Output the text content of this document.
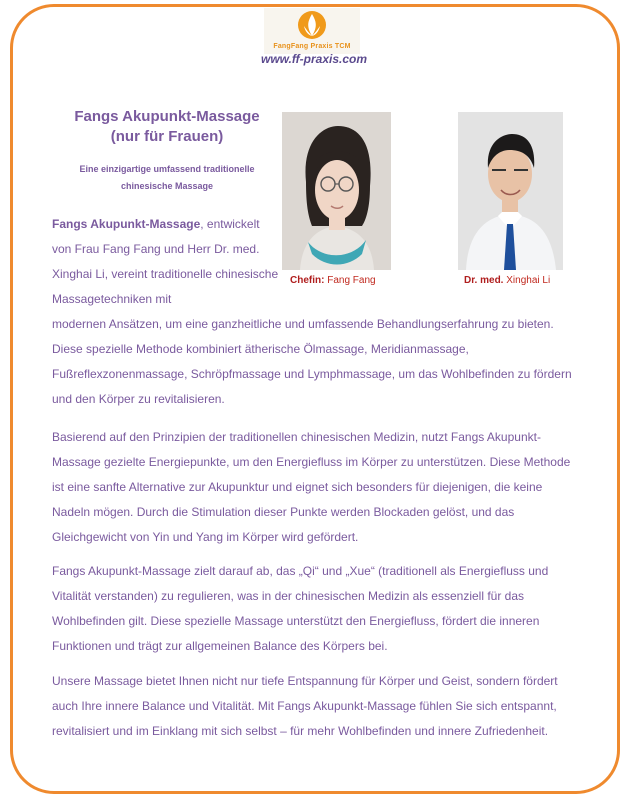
FangFang Praxis TCM
www.ff-praxis.com
Fangs Akupunkt-Massage
(nur für Frauen)
Eine einzigartige umfassend traditionelle
chinesische Massage
Chefin: Fang Fang	Dr. med. Xinghai Li
Fangs Akupunkt-Massage, entwickelt von Frau Fang Fang und Herr Dr. med. Xinghai Li, vereint traditionelle chinesische Massagetechniken mit
modernen Ansätzen, um eine ganzheitliche und umfassende Behandlungserfahrung zu bieten. Diese spezielle Methode kombiniert ätherische Ölmassage, Meridianmassage, Fußreflexzonenmassage, Schröpfmassage und Lymphmassage, um das Wohlbefinden zu fördern und den Körper zu revitalisieren.
Basierend auf den Prinzipien der traditionellen chinesischen Medizin, nutzt Fangs Akupunkt-Massage gezielte Energiepunkte, um den Energiefluss im Körper zu unterstützen. Diese Methode ist eine sanfte Alternative zur Akupunktur und eignet sich besonders für diejenigen, die keine Nadeln mögen. Durch die Stimulation dieser Punkte werden Blockaden gelöst, und das Gleichgewicht von Yin und Yang im Körper wird gefördert.
Fangs Akupunkt-Massage zielt darauf ab, das „Qi“ und „Xue“ (traditionell als Energiefluss und Vitalität verstanden) zu regulieren, was in der chinesischen Medizin als essenziell für das Wohlbefinden gilt. Diese spezielle Massage unterstützt den Energiefluss, fördert die inneren Funktionen und trägt zur allgemeinen Balance des Körpers bei.
Unsere Massage bietet Ihnen nicht nur tiefe Entspannung für Körper und Geist, sondern fördert auch Ihre innere Balance und Vitalität. Mit Fangs Akupunkt-Massage fühlen Sie sich entspannt, revitalisiert und im Einklang mit sich selbst – für mehr Wohlbefinden und innere Zufriedenheit.
